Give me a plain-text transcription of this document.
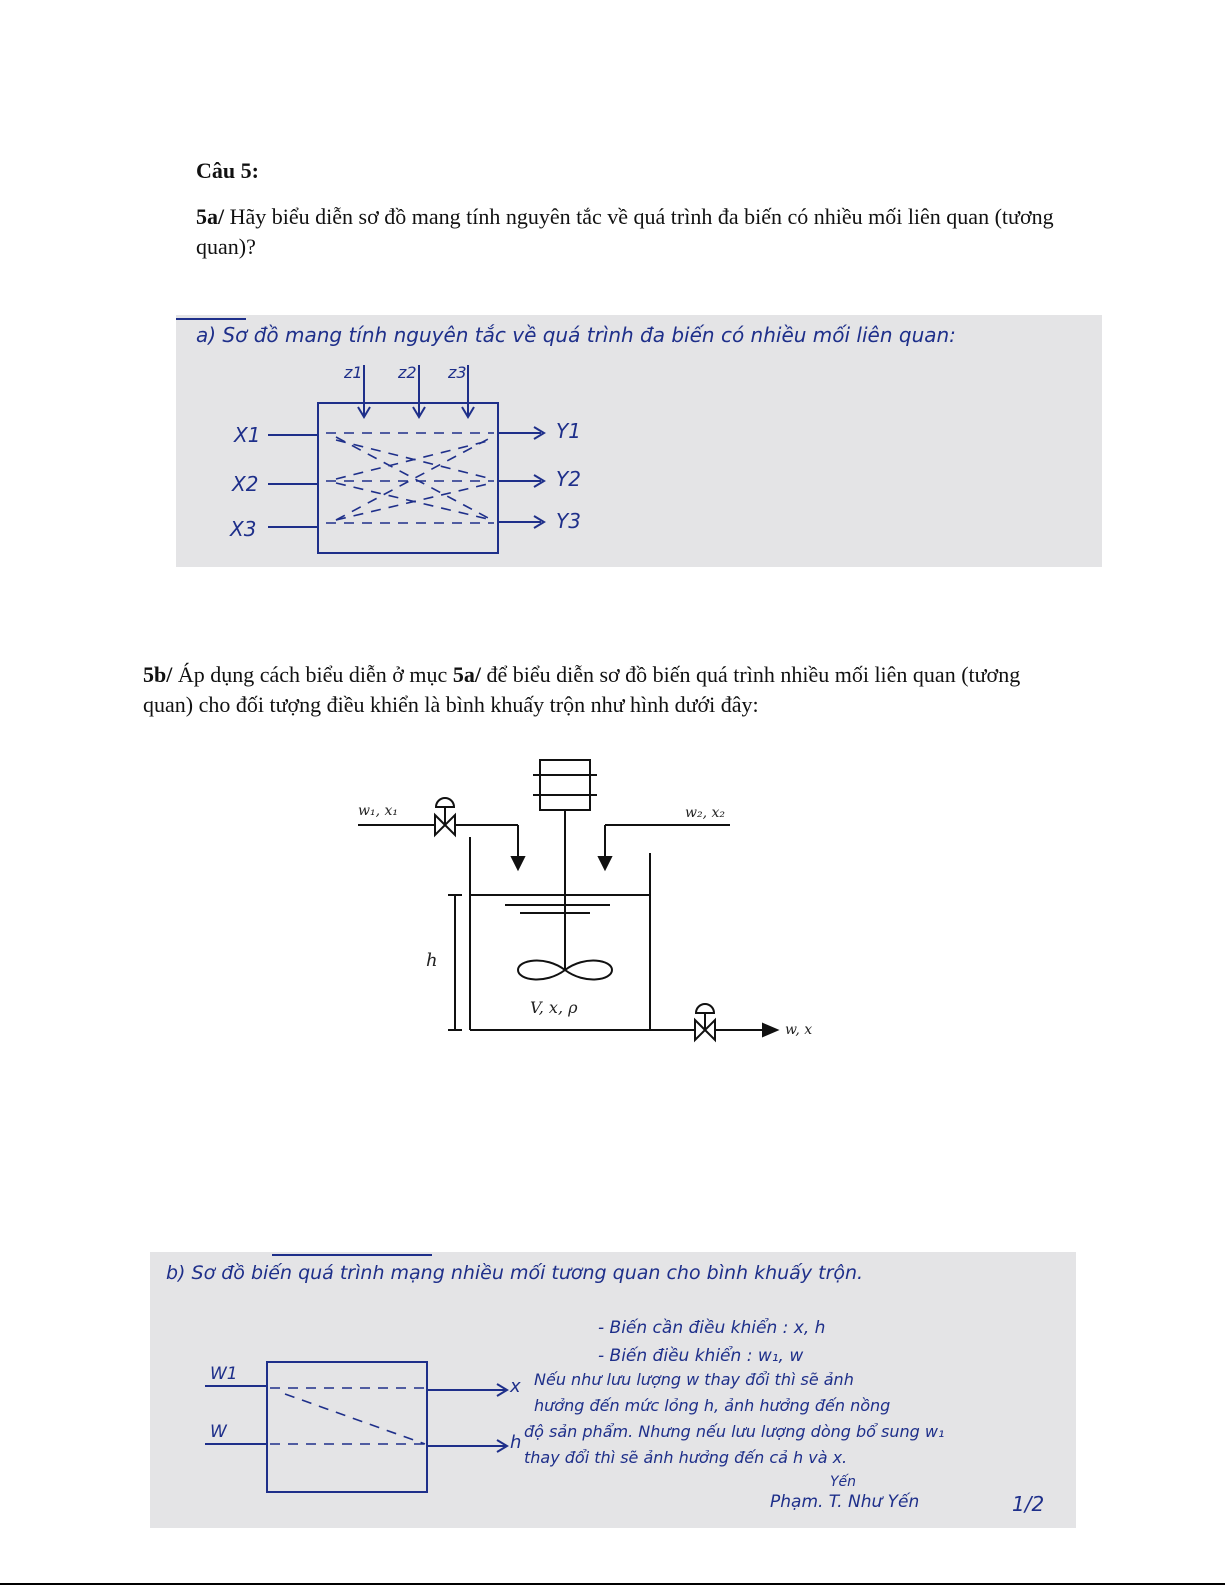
Câu 5:
5a/ Hãy biểu diễn sơ đồ mang tính nguyên tắc về quá trình đa biến có nhiều mối liên quan (tương quan)?
a) Sơ đồ mang tính nguyên tắc về quá trình đa biến có nhiều mối liên quan:
z1 z2 z3
X1
X2
X3
Y1
Y2
Y3
5b/ Áp dụng cách biểu diễn ở mục 5a/ để biểu diễn sơ đồ biến quá trình nhiều mối liên quan (tương quan) cho đối tượng điều khiển là bình khuấy trộn như hình dưới đây:
w₁, x₁	w₂, x₂
h
V, x, ρ
w, x
b) Sơ đồ biến quá trình mạng nhiều mối tương quan cho bình khuấy trộn.
- Biến cần điều khiển : x, h
- Biến điều khiển : w₁, w
W1
W
x
h
Nếu như lưu lượng w thay đổi thì sẽ ảnh
hưởng đến mức lỏng h, ảnh hưởng đến nồng
độ sản phẩm. Nhưng nếu lưu lượng dòng bổ sung w₁
thay đổi thì sẽ ảnh hưởng đến cả h và x.
Yến
Phạm. T. Như Yến	1/2
